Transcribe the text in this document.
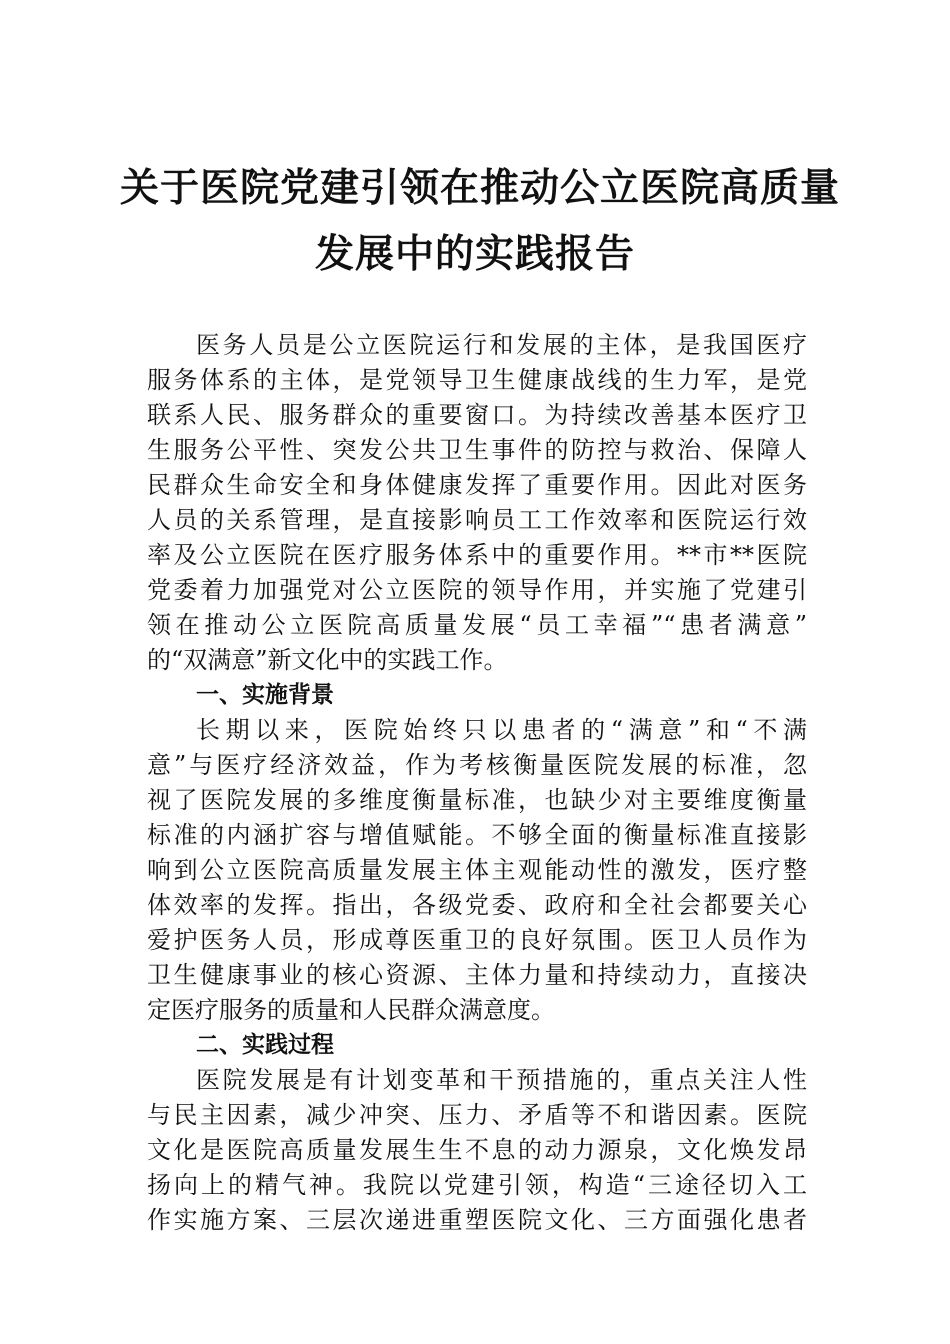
关于医院党建引领在推动公立医院高质量
发展中的实践报告
医务人员是公立医院运行和发展的主体，是我国医疗
服务体系的主体，是党领导卫生健康战线的生力军，是党
联系人民、服务群众的重要窗口。为持续改善基本医疗卫
生服务公平性、突发公共卫生事件的防控与救治、保障人
民群众生命安全和身体健康发挥了重要作用。因此对医务
人员的关系管理，是直接影响员工工作效率和医院运行效
率及公立医院在医疗服务体系中的重要作用。**市**医院
党委着力加强党对公立医院的领导作用，并实施了党建引
领在推动公立医院高质量发展“员工幸福”“患者满意”
的“双满意”新文化中的实践工作。
一、实施背景
长期以来，医院始终只以患者的“满意”和“不满
意”与医疗经济效益，作为考核衡量医院发展的标准，忽
视了医院发展的多维度衡量标准，也缺少对主要维度衡量
标准的内涵扩容与增值赋能。不够全面的衡量标准直接影
响到公立医院高质量发展主体主观能动性的激发，医疗整
体效率的发挥。指出，各级党委、政府和全社会都要关心
爱护医务人员，形成尊医重卫的良好氛围。医卫人员作为
卫生健康事业的核心资源、主体力量和持续动力，直接决
定医疗服务的质量和人民群众满意度。
二、实践过程
医院发展是有计划变革和干预措施的，重点关注人性
与民主因素，减少冲突、压力、矛盾等不和谐因素。医院
文化是医院高质量发展生生不息的动力源泉，文化焕发昂
扬向上的精气神。我院以党建引领，构造“三途径切入工
作实施方案、三层次递进重塑医院文化、三方面强化患者
